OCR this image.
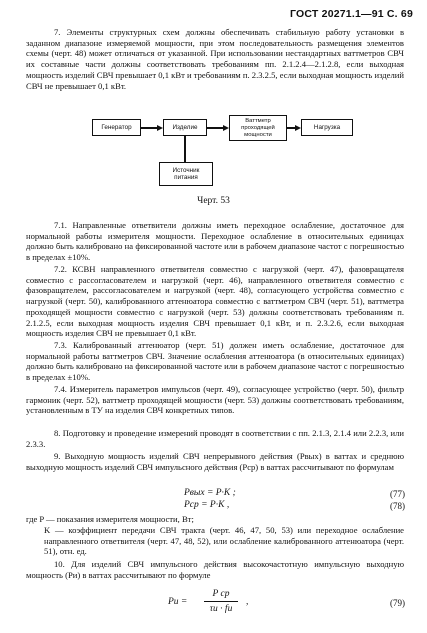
ГОСТ 20271.1—91 С. 69
7. Элементы структурных схем должны обеспечивать стабильную работу установки в заданном диапазоне измеряемой мощности, при этом последовательность размещения элементов схемы (черт. 48) может отличаться от указанной. При использовании нестандартных ваттметров СВЧ их составные части должны соответствовать требованиям пп. 2.1.2.4—2.1.2.8, если выходная мощность изделий СВЧ превышает 0,1 кВт и требованиям п. 2.3.2.5, если выходная мощность изделий СВЧ не превышает 0,1 кВт.
Генератор	Изделие
Ваттметр проходящей мощности
Нагрузка
Источник питания
Черт. 53
7.1. Направленные ответвители должны иметь переходное ослабление, достаточное для нормальной работы измерителя мощности. Переходное ослабление в относительных единицах должно быть калибровано на фиксированной частоте или в рабочем диапазоне частот с погрешностью в пределах ±10%.
7.2. КСВН направленного ответвителя совместно с нагрузкой (черт. 47), фазовращателя совместно с рассогласователем и нагрузкой (черт. 46), направленного ответвителя совместно с фазовращателем, рассогласователем и нагрузкой (черт. 48), согласующего устройства совместно с нагрузкой (черт. 50), калиброванного аттенюатора совместно с ваттметром СВЧ (черт. 51), ваттметра проходящей мощности совместно с нагрузкой (черт. 53) должны соответствовать требованиям п. 2.1.2.5, если выходная мощность изделия СВЧ превышает 0,1 кВт, и п. 2.3.2.6, если выходная мощность изделия СВЧ не превышает 0,1 кВт.
7.3. Калиброванный аттенюатор (черт. 51) должен иметь ослабление, достаточное для нормальной работы ваттметров СВЧ. Значение ослабления аттенюатора (в относительных единицах) должно быть калибровано на фиксированной частоте или в рабочем диапазоне частот с погрешностью в пределах ±10%.
7.4. Измеритель параметров импульсов (черт. 49), согласующее устройство (черт. 50), фильтр гармоник (черт. 52), ваттметр проходящей мощности (черт. 53) должны соответствовать требованиям, установленным в ТУ на изделия СВЧ конкретных типов.
8. Подготовку и проведение измерений проводят в соответствии с пп. 2.1.3, 2.1.4 или 2.2.3, или 2.3.3.
9. Выходную мощность изделий СВЧ непрерывного действия (Pвых) в ваттах и среднюю выходную мощность изделий СВЧ импульсного действия (Pср) в ваттах рассчитывают по формулам
Pвых = P·K ;	(77)
Pср = P·K ,	(78)
где P — показания измерителя мощности, Вт;
K — коэффициент передачи СВЧ тракта (черт. 46, 47, 50, 53) или переходное ослабление направленного ответвителя (черт. 47, 48, 52), или ослабление калиброванного аттенюатора (черт. 51), отн. ед.
10. Для изделий СВЧ импульсного действия высокочастотную импульсную выходную мощность (Pи) в ваттах рассчитывают по формуле
Pи =
P ср
τи · fи
,	(79)
